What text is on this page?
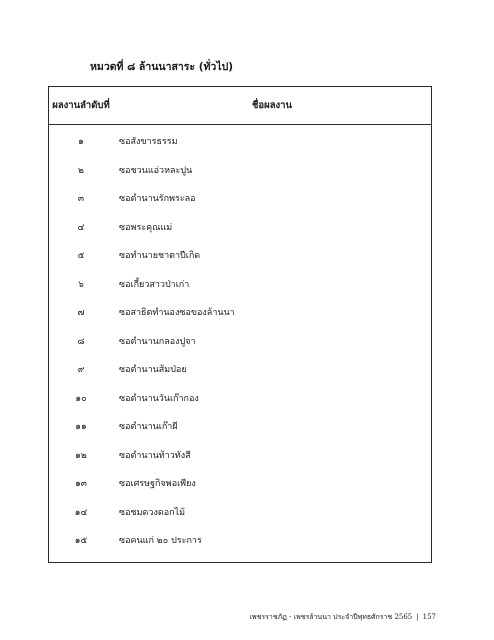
หมวดที่ ๘ ล้านนาสาระ (ทั่วไป)
ผลงานลำดับที่	ชื่อผลงาน
๑	ซอสังขารธรรม
๒	ซอชวนแอ่วหละปูน
๓	ซอตำนานรักพระลอ
๔	ซอพระคุณแม่
๕	ซอทำนายชาตาปีเกิด
๖	ซอเกี้ยวสาวป่าเก่า
๗	ซอสาธิตทำนองซอของล้านนา
๘	ซอตำนานกลองปูจา
๙	ซอตำนานส้มป่อย
๑๐	ซอตำนานวันเก๊ากอง
๑๑	ซอตำนานเก๊าผี
๑๒	ซอตำนานท้าวทังสี
๑๓	ซอเศรษฐกิจพอเพียง
๑๔	ซอชมดวงดอกไม้
๑๕	ซอคนแก่ ๒๐ ประการ
เพชรราชภัฏ - เพชรล้านนา ประจำปีพุทธศักราช 2565 | 157
